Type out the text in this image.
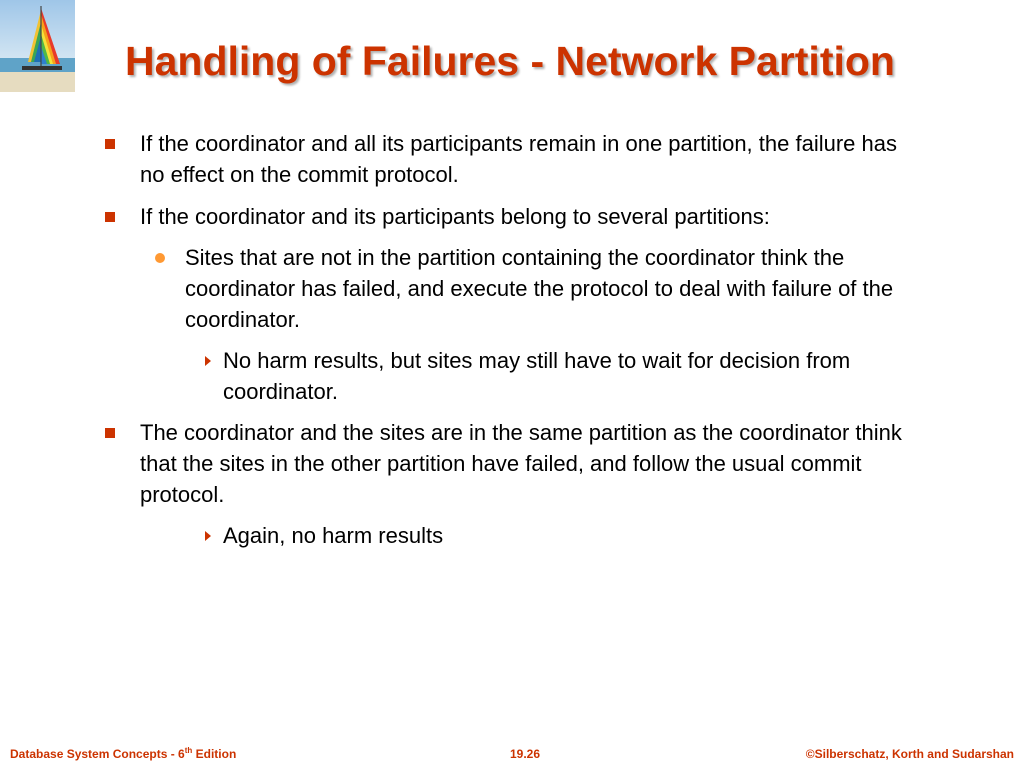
Handling of Failures - Network Partition
If the coordinator and all its participants remain in one partition, the failure has no effect on the commit protocol.
If the coordinator and its participants belong to several partitions:
Sites that are not in the partition containing the coordinator think the coordinator has failed, and execute the protocol to deal with failure of the coordinator.
No harm results, but sites may still have to wait for decision from coordinator.
The coordinator and the sites are in the same partition as the coordinator think that the sites in the other partition have failed, and follow the usual commit protocol.
Again, no harm results
Database System Concepts - 6th Edition	19.26	©Silberschatz, Korth and Sudarshan
